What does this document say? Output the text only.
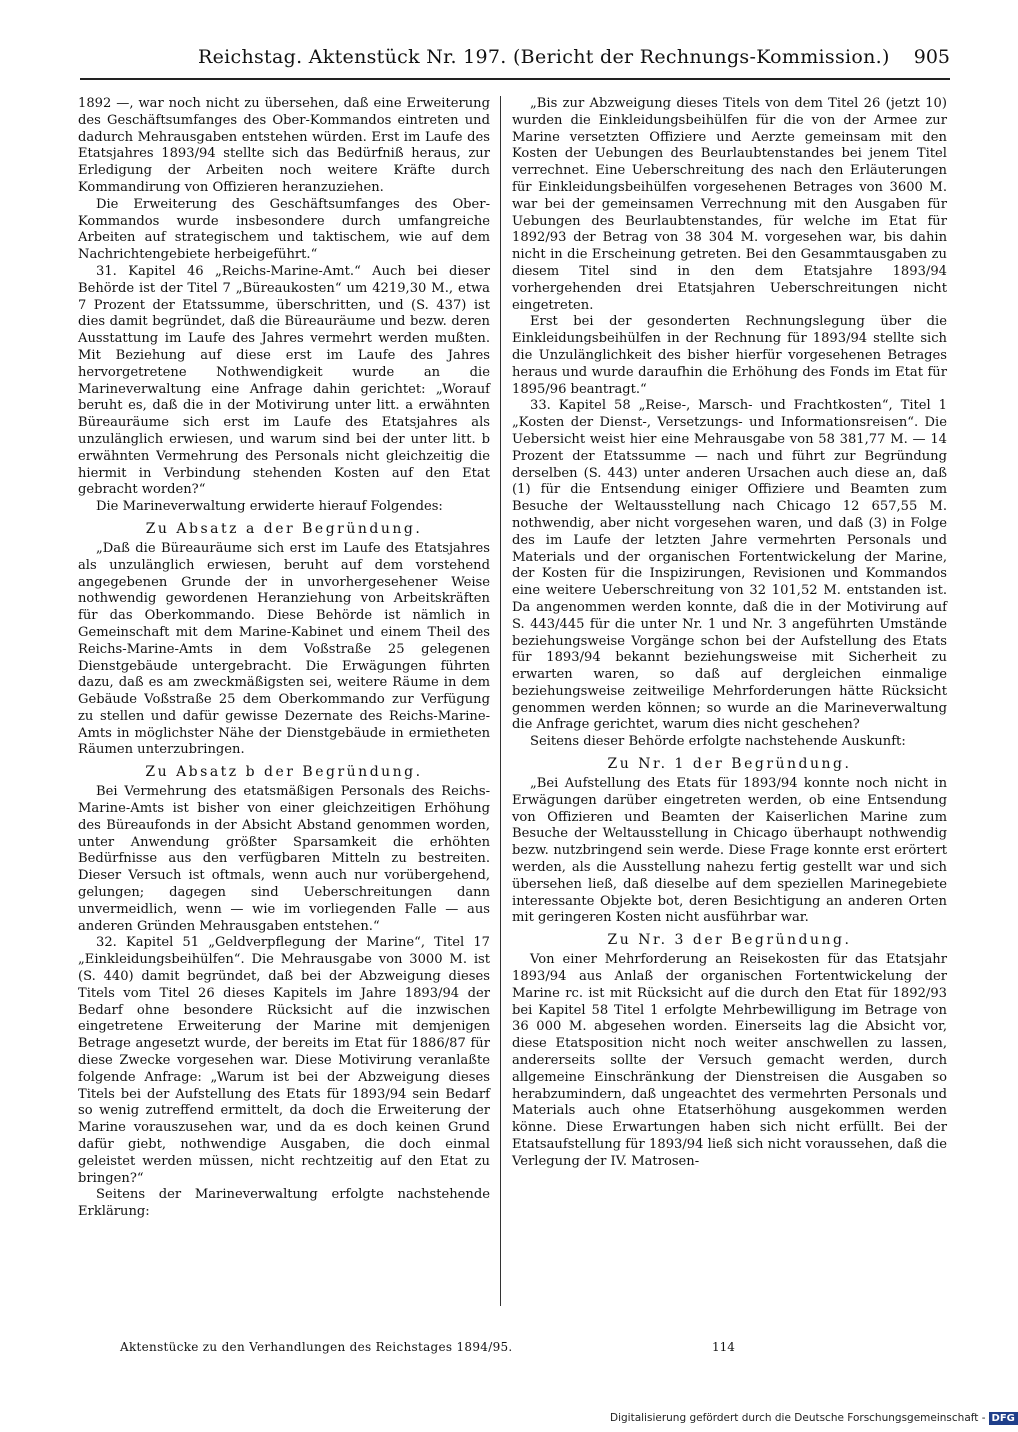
Reichstag. Aktenstück Nr. 197. (Bericht der Rechnungs-Kommission.) 905

1892 —, war noch nicht zu übersehen, daß eine Erweiterung des Geschäftsumfanges des Ober-Kommandos eintreten und dadurch Mehrausgaben entstehen würden. Erst im Laufe des Etatsjahres 1893/94 stellte sich das Bedürfniß heraus, zur Erledigung der Arbeiten noch weitere Kräfte durch Kommandirung von Offizieren heranzuziehen.

Die Erweiterung des Geschäftsumfanges des Ober-Kommandos wurde insbesondere durch umfangreiche Arbeiten auf strategischem und taktischem, wie auf dem Nachrichtengebiete herbeigeführt.“

31. Kapitel 46 „Reichs-Marine-Amt.“ Auch bei dieser Behörde ist der Titel 7 „Büreaukosten“ um 4219,30 M., etwa 7 Prozent der Etatssumme, überschritten, und (S. 437) ist dies damit begründet, daß die Büreauräume und bezw. deren Ausstattung im Laufe des Jahres vermehrt werden mußten. Mit Beziehung auf diese erst im Laufe des Jahres hervorgetretene Nothwendigkeit wurde an die Marineverwaltung eine Anfrage dahin gerichtet: „Worauf beruht es, daß die in der Motivirung unter litt. a erwähnten Büreauräume sich erst im Laufe des Etatsjahres als unzulänglich erwiesen, und warum sind bei der unter litt. b erwähnten Vermehrung des Personals nicht gleichzeitig die hiermit in Verbindung stehenden Kosten auf den Etat gebracht worden?“

Die Marineverwaltung erwiderte hierauf Folgendes:

Zu Absatz a der Begründung.

„Daß die Büreauräume sich erst im Laufe des Etatsjahres als unzulänglich erwiesen, beruht auf dem vorstehend angegebenen Grunde der in unvorhergesehener Weise nothwendig gewordenen Heranziehung von Arbeitskräften für das Oberkommando. Diese Behörde ist nämlich in Gemeinschaft mit dem Marine-Kabinet und einem Theil des Reichs-Marine-Amts in dem Voßstraße 25 gelegenen Dienstgebäude untergebracht. Die Erwägungen führten dazu, daß es am zweckmäßigsten sei, weitere Räume in dem Gebäude Voßstraße 25 dem Oberkommando zur Verfügung zu stellen und dafür gewisse Dezernate des Reichs-Marine-Amts in möglichster Nähe der Dienstgebäude in ermietheten Räumen unterzubringen.

Zu Absatz b der Begründung.

Bei Vermehrung des etatsmäßigen Personals des Reichs-Marine-Amts ist bisher von einer gleichzeitigen Erhöhung des Büreaufonds in der Absicht Abstand genommen worden, unter Anwendung größter Sparsamkeit die erhöhten Bedürfnisse aus den verfügbaren Mitteln zu bestreiten. Dieser Versuch ist oftmals, wenn auch nur vorübergehend, gelungen; dagegen sind Ueberschreitungen dann unvermeidlich, wenn — wie im vorliegenden Falle — aus anderen Gründen Mehrausgaben entstehen.“

32. Kapitel 51 „Geldverpflegung der Marine“, Titel 17 „Einkleidungsbeihülfen“. Die Mehrausgabe von 3000 M. ist (S. 440) damit begründet, daß bei der Abzweigung dieses Titels vom Titel 26 dieses Kapitels im Jahre 1893/94 der Bedarf ohne besondere Rücksicht auf die inzwischen eingetretene Erweiterung der Marine mit demjenigen Betrage angesetzt wurde, der bereits im Etat für 1886/87 für diese Zwecke vorgesehen war. Diese Motivirung veranlaßte folgende Anfrage: „Warum ist bei der Abzweigung dieses Titels bei der Aufstellung des Etats für 1893/94 sein Bedarf so wenig zutreffend ermittelt, da doch die Erweiterung der Marine vorauszusehen war, und da es doch keinen Grund dafür giebt, nothwendige Ausgaben, die doch einmal geleistet werden müssen, nicht rechtzeitig auf den Etat zu bringen?“

Seitens der Marineverwaltung erfolgte nachstehende Erklärung:

„Bis zur Abzweigung dieses Titels von dem Titel 26 (jetzt 10) wurden die Einkleidungsbeihülfen für die von der Armee zur Marine versetzten Offiziere und Aerzte gemeinsam mit den Kosten der Uebungen des Beurlaubtenstandes bei jenem Titel verrechnet. Eine Ueberschreitung des nach den Erläuterungen für Einkleidungsbeihülfen vorgesehenen Betrages von 3600 M. war bei der gemeinsamen Verrechnung mit den Ausgaben für Uebungen des Beurlaubtenstandes, für welche im Etat für 1892/93 der Betrag von 38 304 M. vorgesehen war, bis dahin nicht in die Erscheinung getreten. Bei den Gesammtausgaben zu diesem Titel sind in den dem Etatsjahre 1893/94 vorhergehenden drei Etatsjahren Ueberschreitungen nicht eingetreten.

Erst bei der gesonderten Rechnungslegung über die Einkleidungsbeihülfen in der Rechnung für 1893/94 stellte sich die Unzulänglichkeit des bisher hierfür vorgesehenen Betrages heraus und wurde daraufhin die Erhöhung des Fonds im Etat für 1895/96 beantragt.“

33. Kapitel 58 „Reise-, Marsch- und Frachtkosten“, Titel 1 „Kosten der Dienst-, Versetzungs- und Informationsreisen“. Die Uebersicht weist hier eine Mehrausgabe von 58 381,77 M. — 14 Prozent der Etatssumme — nach und führt zur Begründung derselben (S. 443) unter anderen Ursachen auch diese an, daß (1) für die Entsendung einiger Offiziere und Beamten zum Besuche der Weltausstellung nach Chicago 12 657,55 M. nothwendig, aber nicht vorgesehen waren, und daß (3) in Folge des im Laufe der letzten Jahre vermehrten Personals und Materials und der organischen Fortentwickelung der Marine, der Kosten für die Inspizirungen, Revisionen und Kommandos eine weitere Ueberschreitung von 32 101,52 M. entstanden ist. Da angenommen werden konnte, daß die in der Motivirung auf S. 443/445 für die unter Nr. 1 und Nr. 3 angeführten Umstände beziehungsweise Vorgänge schon bei der Aufstellung des Etats für 1893/94 bekannt beziehungsweise mit Sicherheit zu erwarten waren, so daß auf dergleichen einmalige beziehungsweise zeitweilige Mehrforderungen hätte Rücksicht genommen werden können; so wurde an die Marineverwaltung die Anfrage gerichtet, warum dies nicht geschehen?

Seitens dieser Behörde erfolgte nachstehende Auskunft:

Zu Nr. 1 der Begründung.

„Bei Aufstellung des Etats für 1893/94 konnte noch nicht in Erwägungen darüber eingetreten werden, ob eine Entsendung von Offizieren und Beamten der Kaiserlichen Marine zum Besuche der Weltausstellung in Chicago überhaupt nothwendig bezw. nutzbringend sein werde. Diese Frage konnte erst erörtert werden, als die Ausstellung nahezu fertig gestellt war und sich übersehen ließ, daß dieselbe auf dem speziellen Marinegebiete interessante Objekte bot, deren Besichtigung an anderen Orten mit geringeren Kosten nicht ausführbar war.

Zu Nr. 3 der Begründung.

Von einer Mehrforderung an Reisekosten für das Etatsjahr 1893/94 aus Anlaß der organischen Fortentwickelung der Marine rc. ist mit Rücksicht auf die durch den Etat für 1892/93 bei Kapitel 58 Titel 1 erfolgte Mehrbewilligung im Betrage von 36 000 M. abgesehen worden. Einerseits lag die Absicht vor, diese Etatsposition nicht noch weiter anschwellen zu lassen, andererseits sollte der Versuch gemacht werden, durch allgemeine Einschränkung der Dienstreisen die Ausgaben so herabzumindern, daß ungeachtet des vermehrten Personals und Materials auch ohne Etatserhöhung ausgekommen werden könne. Diese Erwartungen haben sich nicht erfüllt. Bei der Etatsaufstellung für 1893/94 ließ sich nicht voraussehen, daß die Verlegung der IV. Matrosen-

Aktenstücke zu den Verhandlungen des Reichstages 1894/95.	114
Digitalisierung gefördert durch die Deutsche Forschungsgemeinschaft - DFG
